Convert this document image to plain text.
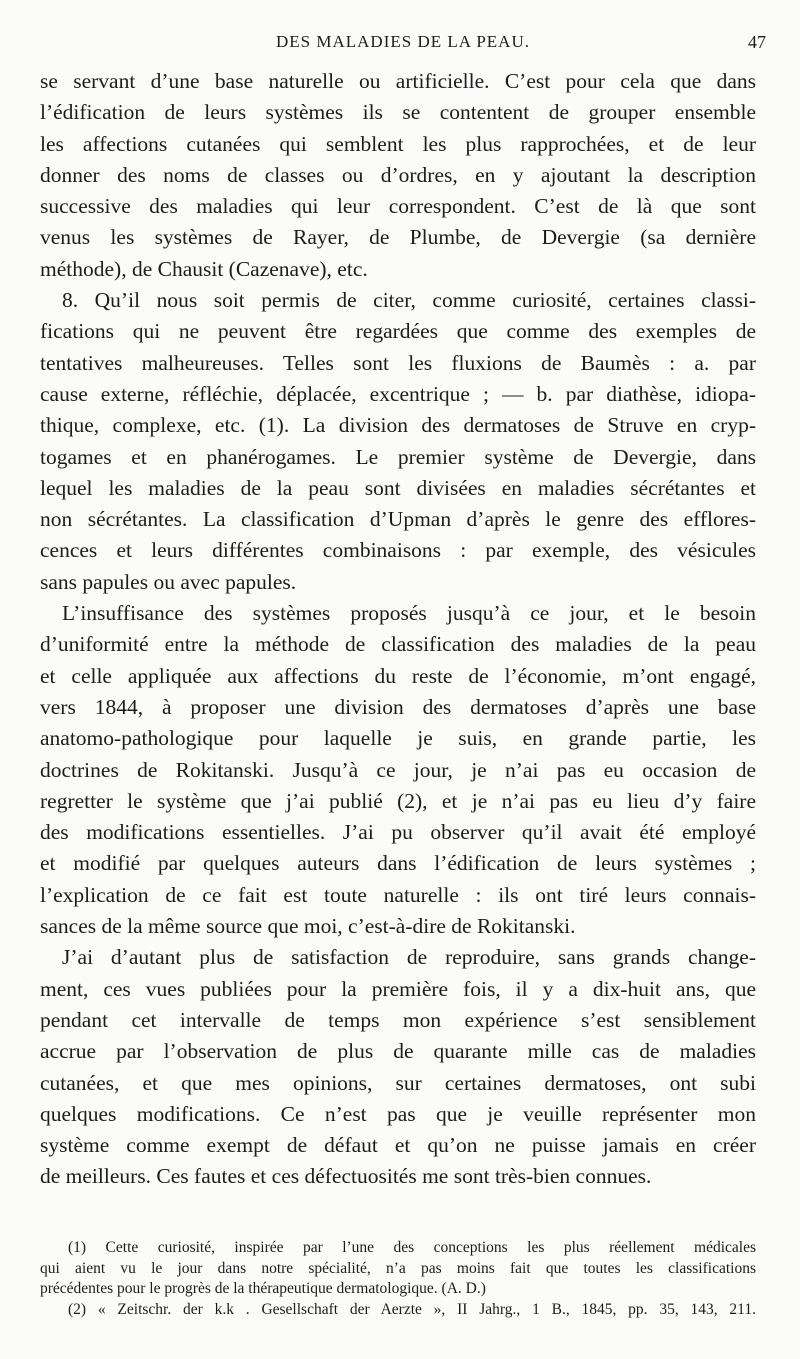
DES MALADIES DE LA PEAU.	47
se servant d’une base naturelle ou artificielle. C’est pour cela que dans
l’édification de leurs systèmes ils se contentent de grouper ensemble
les affections cutanées qui semblent les plus rapprochées, et de leur
donner des noms de classes ou d’ordres, en y ajoutant la description
successive des maladies qui leur correspondent. C’est de là que sont
venus les systèmes de Rayer, de Plumbe, de Devergie (sa dernière
méthode), de Chausit (Cazenave), etc.
8. Qu’il nous soit permis de citer, comme curiosité, certaines classi-
fications qui ne peuvent être regardées que comme des exemples de
tentatives malheureuses. Telles sont les fluxions de Baumès : a. par
cause externe, réfléchie, déplacée, excentrique ; — b. par diathèse, idiopa-
thique, complexe, etc. (1). La division des dermatoses de Struve en cryp-
togames et en phanérogames. Le premier système de Devergie, dans
lequel les maladies de la peau sont divisées en maladies sécrétantes et
non sécrétantes. La classification d’Upman d’après le genre des efflores-
cences et leurs différentes combinaisons : par exemple, des vésicules
sans papules ou avec papules.
L’insuffisance des systèmes proposés jusqu’à ce jour, et le besoin
d’uniformité entre la méthode de classification des maladies de la peau
et celle appliquée aux affections du reste de l’économie, m’ont engagé,
vers 1844, à proposer une division des dermatoses d’après une base
anatomo-pathologique pour laquelle je suis, en grande partie, les
doctrines de Rokitanski. Jusqu’à ce jour, je n’ai pas eu occasion de
regretter le système que j’ai publié (2), et je n’ai pas eu lieu d’y faire
des modifications essentielles. J’ai pu observer qu’il avait été employé
et modifié par quelques auteurs dans l’édification de leurs systèmes ;
l’explication de ce fait est toute naturelle : ils ont tiré leurs connais-
sances de la même source que moi, c’est-à-dire de Rokitanski.
J’ai d’autant plus de satisfaction de reproduire, sans grands change-
ment, ces vues publiées pour la première fois, il y a dix-huit ans, que
pendant cet intervalle de temps mon expérience s’est sensiblement
accrue par l’observation de plus de quarante mille cas de maladies
cutanées, et que mes opinions, sur certaines dermatoses, ont subi
quelques modifications. Ce n’est pas que je veuille représenter mon
système comme exempt de défaut et qu’on ne puisse jamais en créer
de meilleurs. Ces fautes et ces défectuosités me sont très-bien connues.
(1) Cette curiosité, inspirée par l’une des conceptions les plus réellement médicales
qui aient vu le jour dans notre spécialité, n’a pas moins fait que toutes les classifications
précédentes pour le progrès de la thérapeutique dermatologique. (A. D.)
(2) « Zeitschr. der k.k . Gesellschaft der Aerzte », II Jahrg., 1 B., 1845, pp. 35, 143, 211.
